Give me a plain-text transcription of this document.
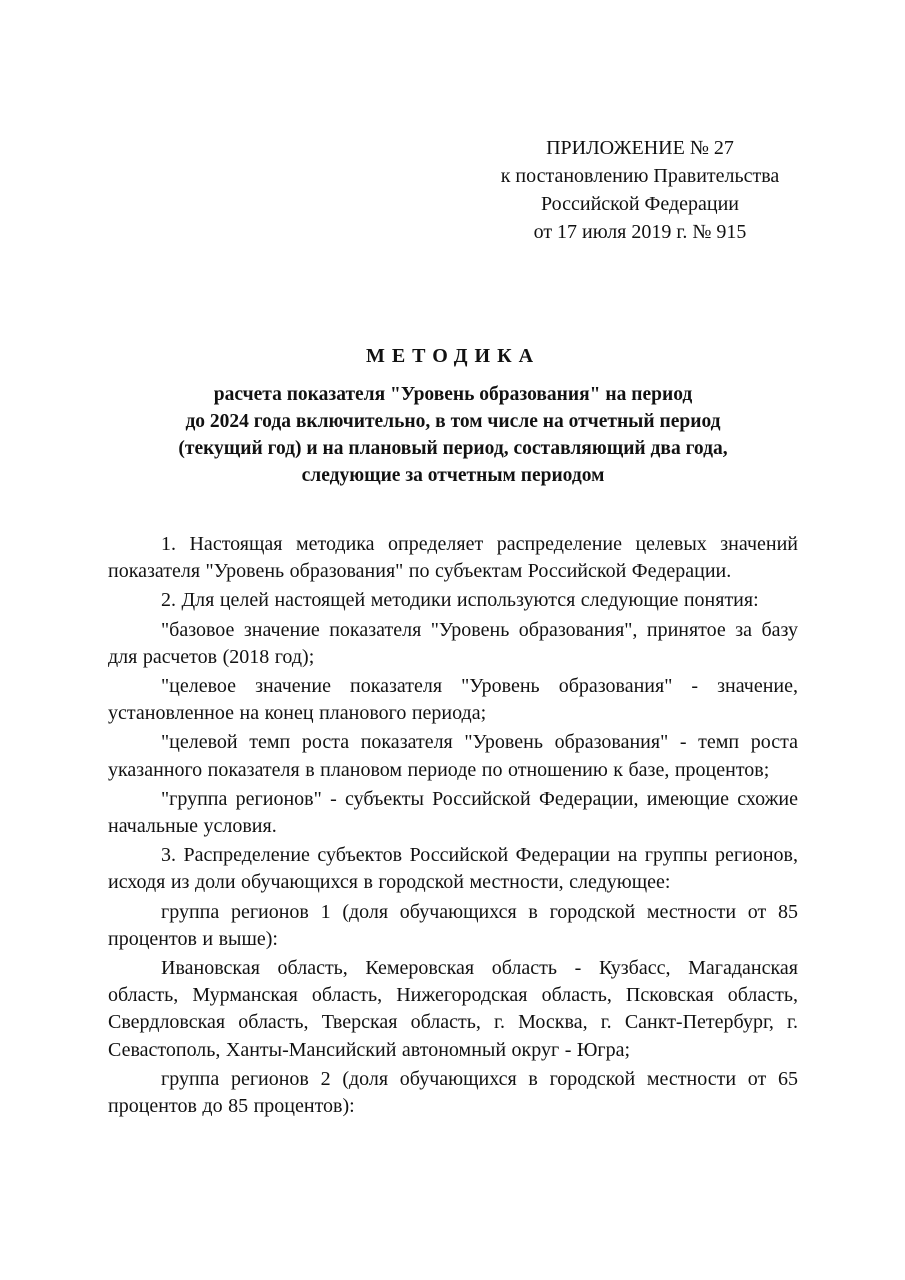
ПРИЛОЖЕНИЕ № 27
к постановлению Правительства
Российской Федерации
от 17 июля 2019 г. № 915
МЕТОДИКА
расчета показателя "Уровень образования" на период
до 2024 года включительно, в том числе на отчетный период
(текущий год) и на плановый период, составляющий два года,
следующие за отчетным периодом

1. Настоящая методика определяет распределение целевых значений показателя "Уровень образования" по субъектам Российской Федерации.

2. Для целей настоящей методики используются следующие понятия:

"базовое значение показателя "Уровень образования", принятое за базу для расчетов (2018 год);

"целевое значение показателя "Уровень образования" - значение, установленное на конец планового периода;

"целевой темп роста показателя "Уровень образования" - темп роста указанного показателя в плановом периоде по отношению к базе, процентов;

"группа регионов" - субъекты Российской Федерации, имеющие схожие начальные условия.

3. Распределение субъектов Российской Федерации на группы регионов, исходя из доли обучающихся в городской местности, следующее:

группа регионов 1 (доля обучающихся в городской местности от 85 процентов и выше):

Ивановская область, Кемеровская область - Кузбасс, Магаданская область, Мурманская область, Нижегородская область, Псковская область, Свердловская область, Тверская область, г. Москва, г. Санкт-Петербург, г. Севастополь, Ханты-Мансийский автономный округ - Югра;

группа регионов 2 (доля обучающихся в городской местности от 65 процентов до 85 процентов):
